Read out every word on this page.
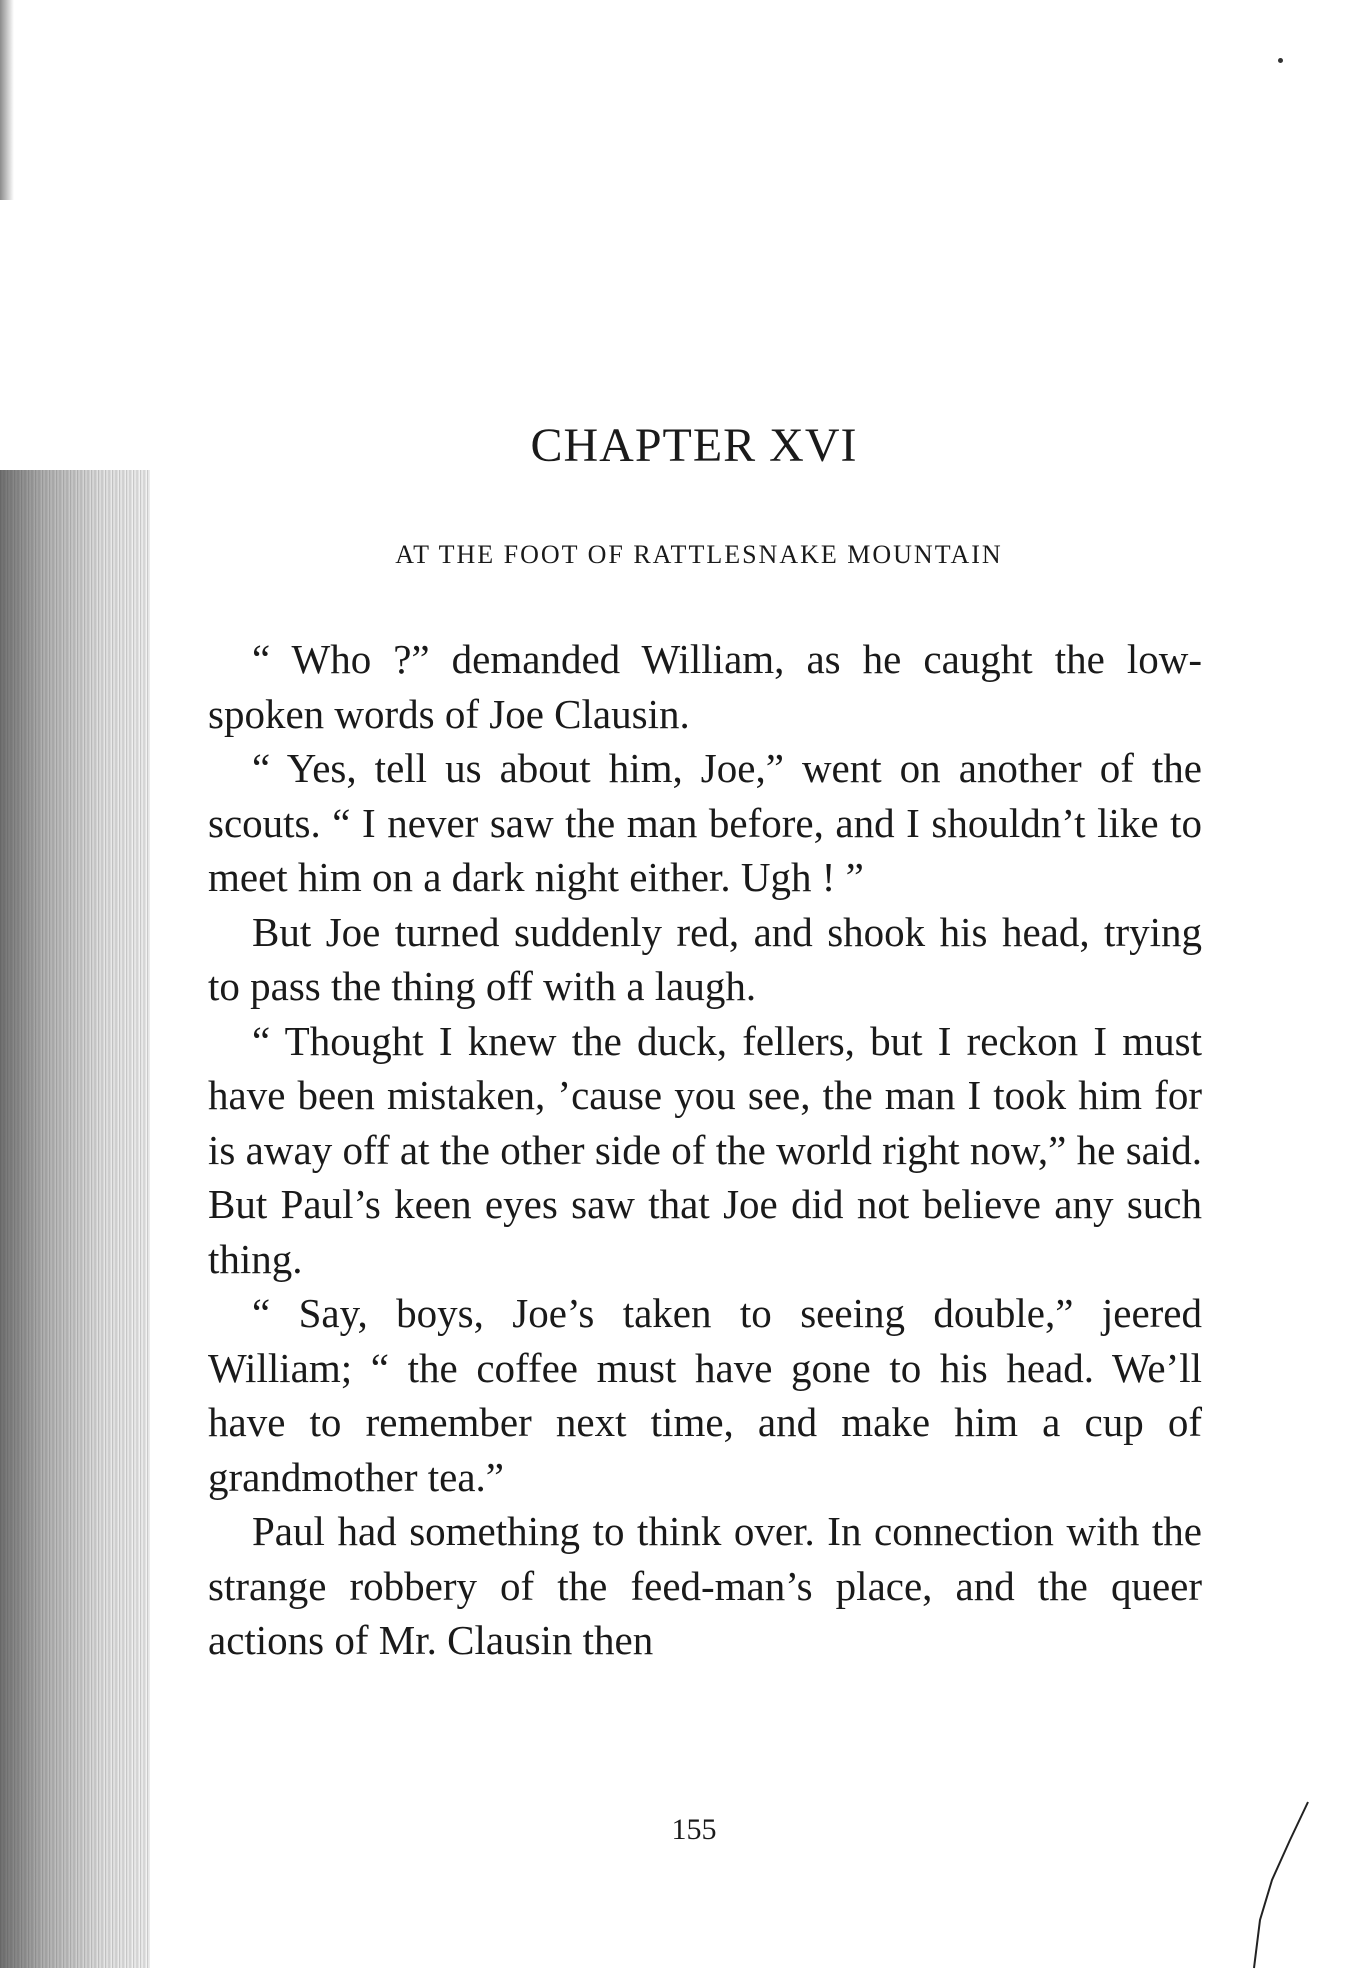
CHAPTER XVI
AT THE FOOT OF RATTLESNAKE MOUNTAIN

“ Who ?” demanded William, as he caught the low-spoken words of Joe Clausin.

“ Yes, tell us about him, Joe,” went on another of the scouts. “ I never saw the man before, and I shouldn’t like to meet him on a dark night either. Ugh ! ”

But Joe turned suddenly red, and shook his head, trying to pass the thing off with a laugh.

“ Thought I knew the duck, fellers, but I reckon I must have been mistaken, ’cause you see, the man I took him for is away off at the other side of the world right now,” he said. But Paul’s keen eyes saw that Joe did not believe any such thing.

“ Say, boys, Joe’s taken to seeing double,” jeered William; “ the coffee must have gone to his head. We’ll have to remember next time, and make him a cup of grandmother tea.”

Paul had something to think over. In connection with the strange robbery of the feed-man’s place, and the queer actions of Mr. Clausin then

155
